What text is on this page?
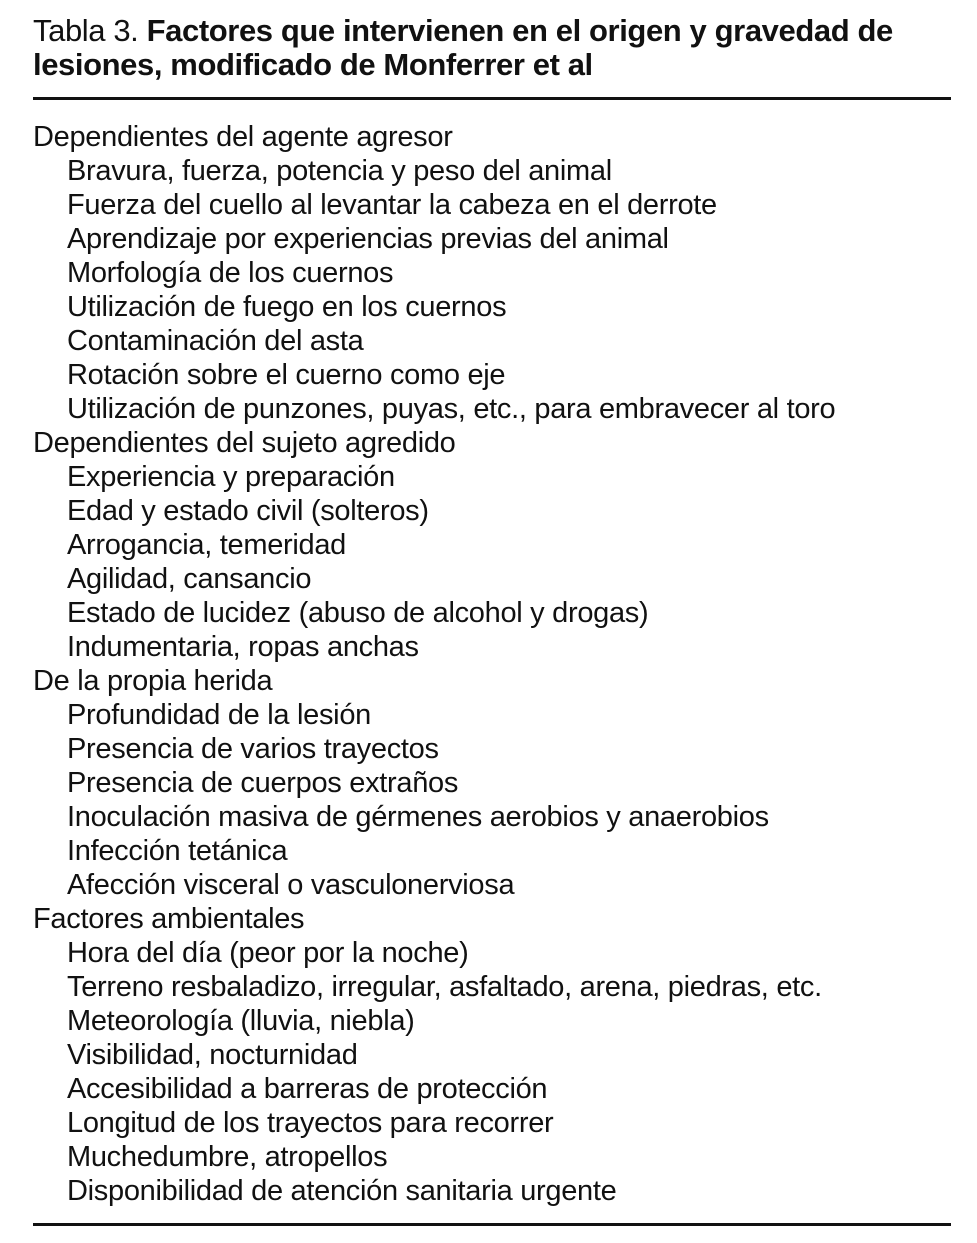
Tabla 3. Factores que intervienen en el origen y gravedad de lesiones, modificado de Monferrer et al

Dependientes del agente agresor
Bravura, fuerza, potencia y peso del animal
Fuerza del cuello al levantar la cabeza en el derrote
Aprendizaje por experiencias previas del animal
Morfología de los cuernos
Utilización de fuego en los cuernos
Contaminación del asta
Rotación sobre el cuerno como eje
Utilización de punzones, puyas, etc., para embravecer al toro
Dependientes del sujeto agredido
Experiencia y preparación
Edad y estado civil (solteros)
Arrogancia, temeridad
Agilidad, cansancio
Estado de lucidez (abuso de alcohol y drogas)
Indumentaria, ropas anchas
De la propia herida
Profundidad de la lesión
Presencia de varios trayectos
Presencia de cuerpos extraños
Inoculación masiva de gérmenes aerobios y anaerobios
Infección tetánica
Afección visceral o vasculonerviosa
Factores ambientales
Hora del día (peor por la noche)
Terreno resbaladizo, irregular, asfaltado, arena, piedras, etc.
Meteorología (lluvia, niebla)
Visibilidad, nocturnidad
Accesibilidad a barreras de protección
Longitud de los trayectos para recorrer
Muchedumbre, atropellos
Disponibilidad de atención sanitaria urgente
